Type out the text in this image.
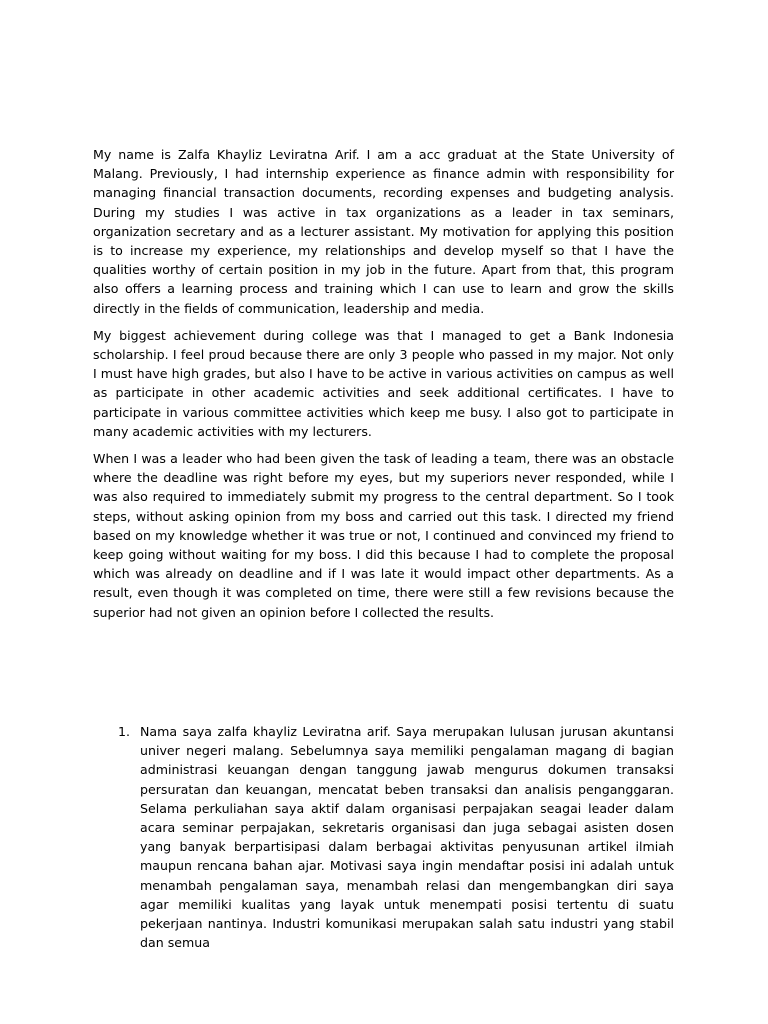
My name is Zalfa Khayliz Leviratna Arif. I am a acc graduat at the State University of Malang. Previously, I had internship experience as finance admin with responsibility for managing financial transaction documents, recording expenses and budgeting analysis. During my studies I was active in tax organizations as a leader in tax seminars, organization secretary and as a lecturer assistant. My motivation for applying this position is to increase my experience, my relationships and develop myself so that I have the qualities worthy of certain position in my job in the future. Apart from that, this program also offers a learning process and training which I can use to learn and grow the skills directly in the fields of communication, leadership and media.

My biggest achievement during college was that I managed to get a Bank Indonesia scholarship. I feel proud because there are only 3 people who passed in my major. Not only I must have high grades, but also I have to be active in various activities on campus as well as participate in other academic activities and seek additional certificates. I have to participate in various committee activities which keep me busy. I also got to participate in many academic activities with my lecturers.

When I was a leader who had been given the task of leading a team, there was an obstacle where the deadline was right before my eyes, but my superiors never responded, while I was also required to immediately submit my progress to the central department. So I took steps, without asking opinion from my boss and carried out this task. I directed my friend based on my knowledge whether it was true or not, I continued and convinced my friend to keep going without waiting for my boss. I did this because I had to complete the proposal which was already on deadline and if I was late it would impact other departments. As a result, even though it was completed on time, there were still a few revisions because the superior had not given an opinion before I collected the results.

1. Nama saya zalfa khayliz Leviratna arif. Saya merupakan lulusan jurusan akuntansi univer negeri malang. Sebelumnya saya memiliki pengalaman magang di bagian administrasi keuangan dengan tanggung jawab mengurus dokumen transaksi persuratan dan keuangan, mencatat beben transaksi dan analisis penganggaran. Selama perkuliahan saya aktif dalam organisasi perpajakan seagai leader dalam acara seminar perpajakan, sekretaris organisasi dan juga sebagai asisten dosen yang banyak berpartisipasi dalam berbagai aktivitas penyusunan artikel ilmiah maupun rencana bahan ajar. Motivasi saya ingin mendaftar posisi ini adalah untuk menambah pengalaman saya, menambah relasi dan mengembangkan diri saya agar memiliki kualitas yang layak untuk menempati posisi tertentu di suatu pekerjaan nantinya. Industri komunikasi merupakan salah satu industri yang stabil dan semua
